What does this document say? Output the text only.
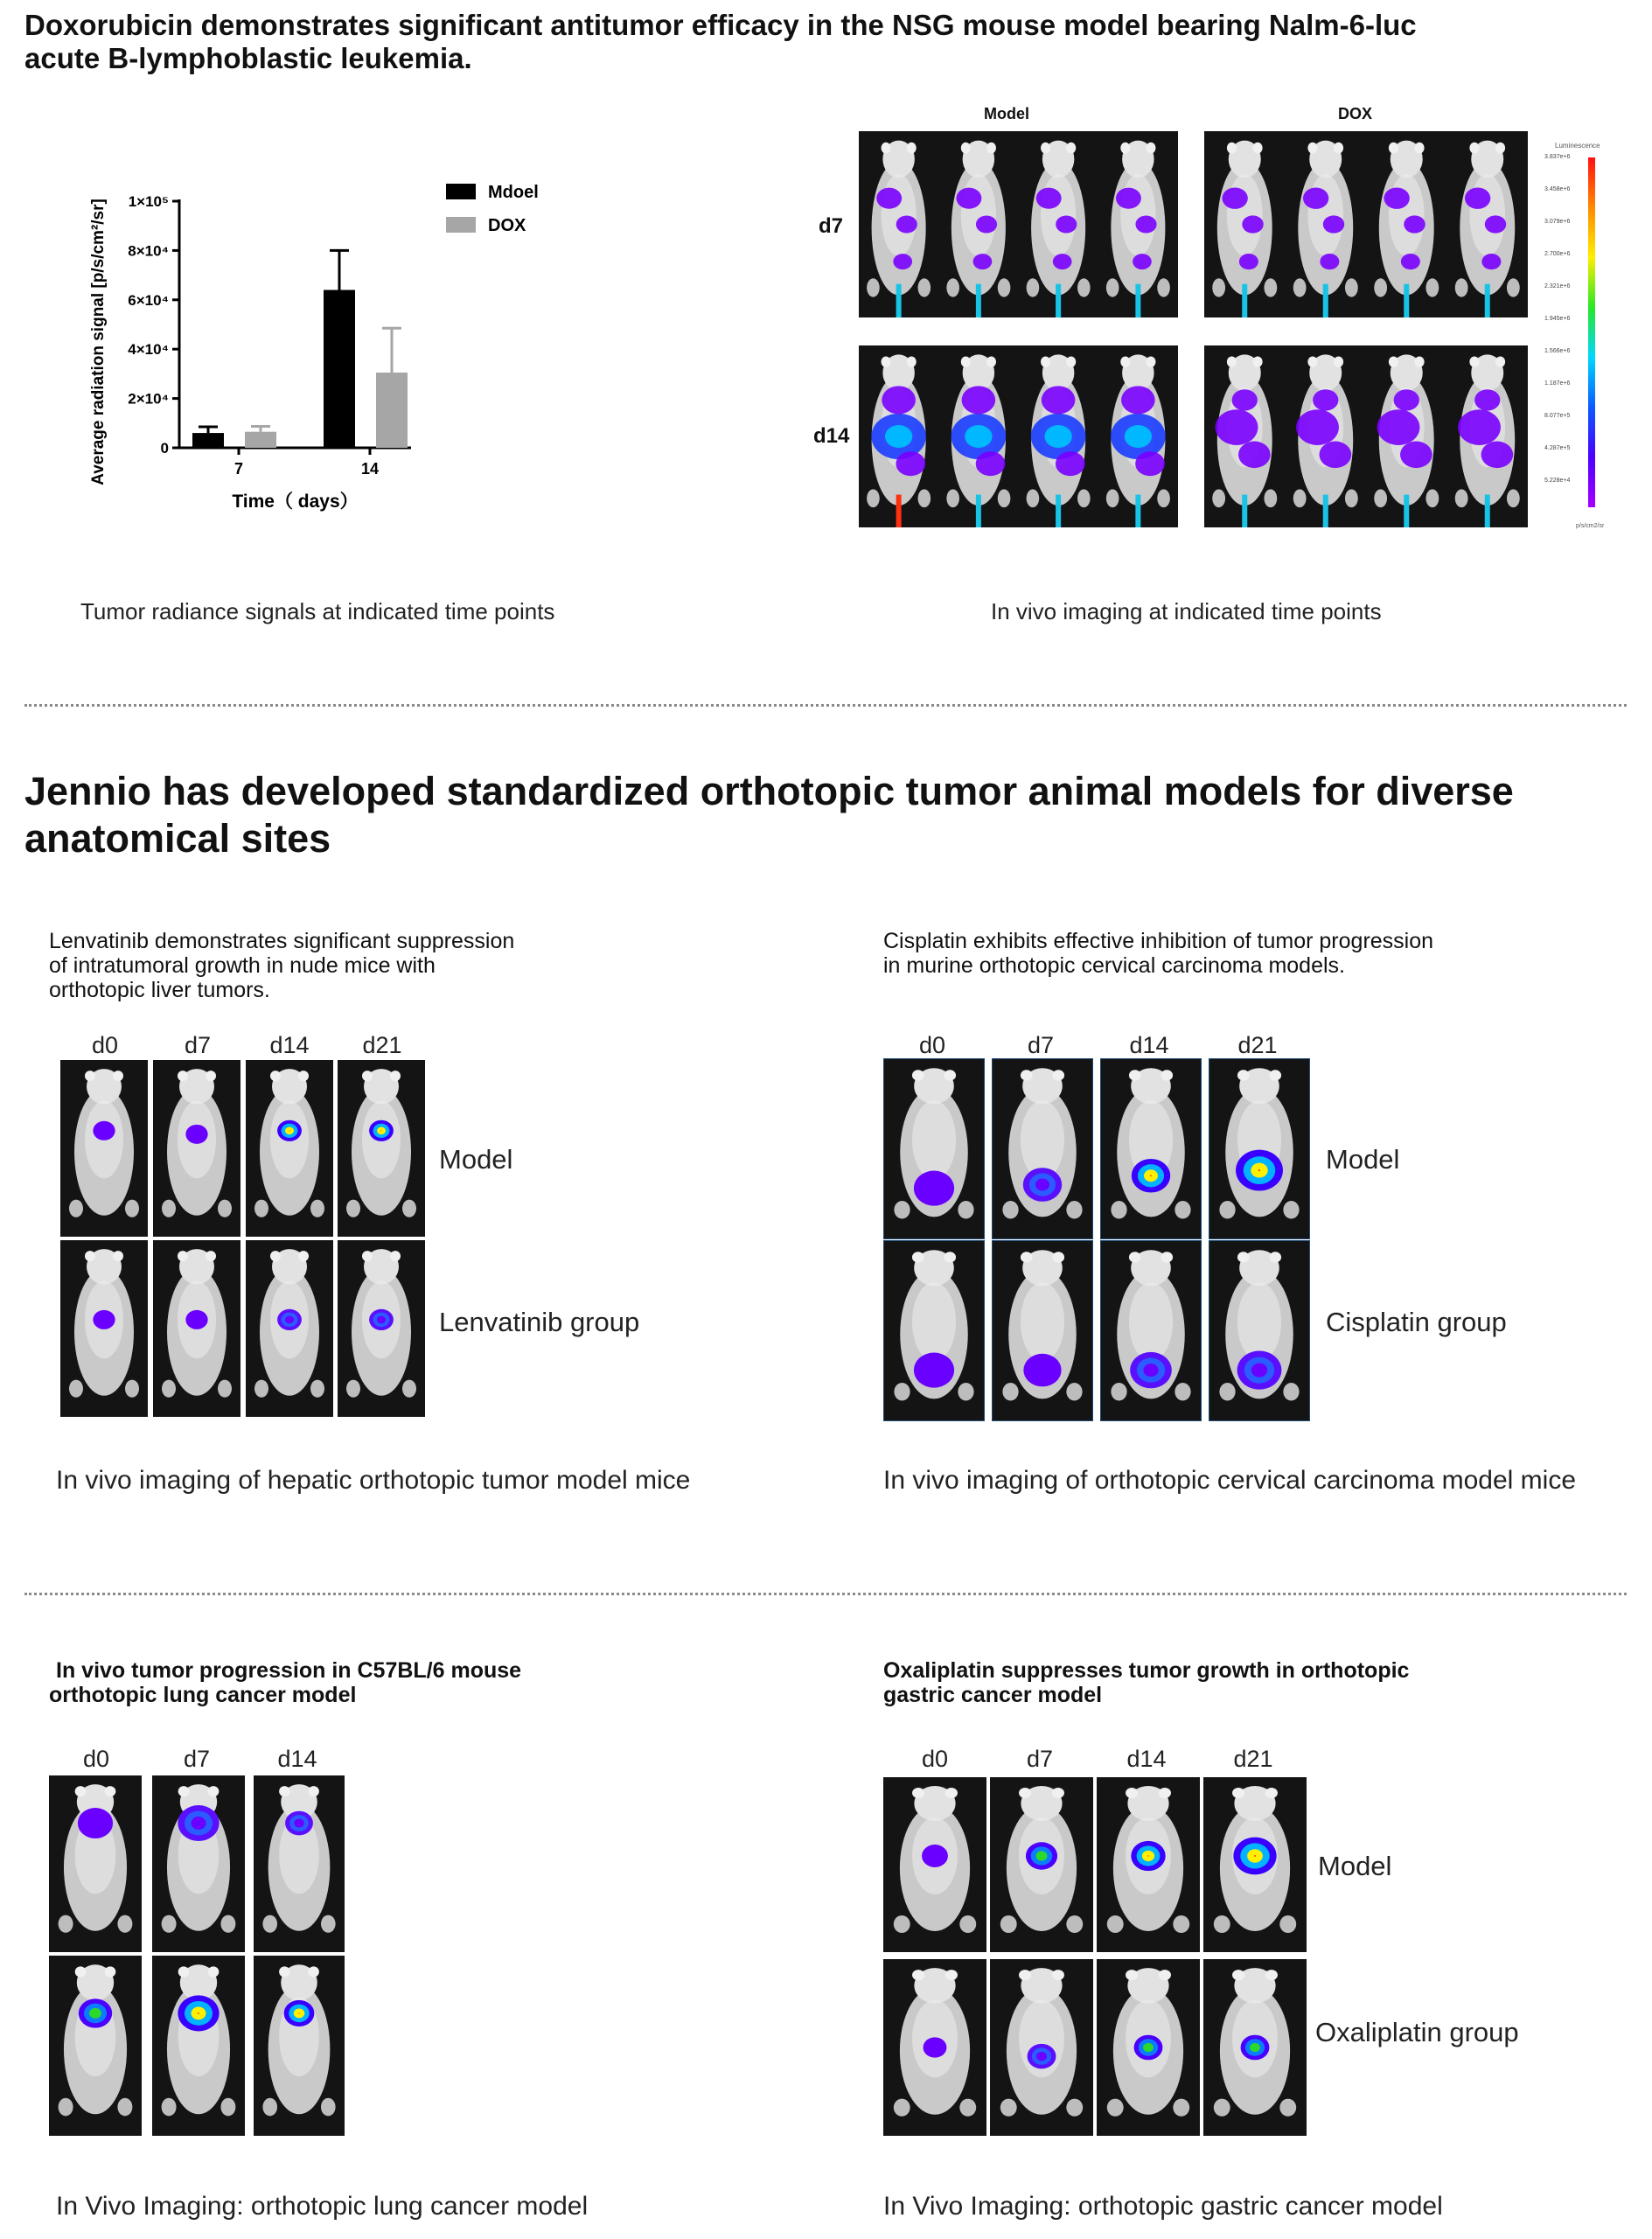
Doxorubicin demonstrates significant antitumor efficacy in the NSG mouse model bearing Nalm-6-luc
acute B-lymphoblastic leukemia.
0
2×10⁴
4×10⁴
6×10⁴
8×10⁴
1×10⁵
7	14
Time（ days）
Average radiation signal [p/s/cm²/sr]
Mdoel
DOX
Tumor radiance signals at indicated time points
Model	DOX
d7
d14
Luminescence
3.837e+6
3.458e+6
3.079e+6
2.700e+6
2.321e+6
1.945e+6
1.566e+6
1.187e+6
8.077e+5
4.287e+5
5.228e+4
p/s/cm2/sr
In vivo imaging at indicated time points
Jennio has developed standardized orthotopic tumor animal models for diverse
anatomical sites
Lenvatinib demonstrates significant suppression
of intratumoral growth in nude mice with
orthotopic liver tumors.
d0	d7	d14	d21
Model
Lenvatinib group
In vivo imaging of hepatic orthotopic tumor model mice
Cisplatin exhibits effective inhibition of tumor progression
in murine orthotopic cervical carcinoma models.
d0	d7	d14	d21
Model
Cisplatin group
In vivo imaging of orthotopic cervical carcinoma model mice
In vivo tumor progression in C57BL/6 mouse
orthotopic lung cancer model
d0	d7	d14
In Vivo Imaging: orthotopic lung cancer model
Oxaliplatin suppresses tumor growth in orthotopic
gastric cancer model
d0	d7	d14	d21
Model
Oxaliplatin group
In Vivo Imaging: orthotopic gastric cancer model
